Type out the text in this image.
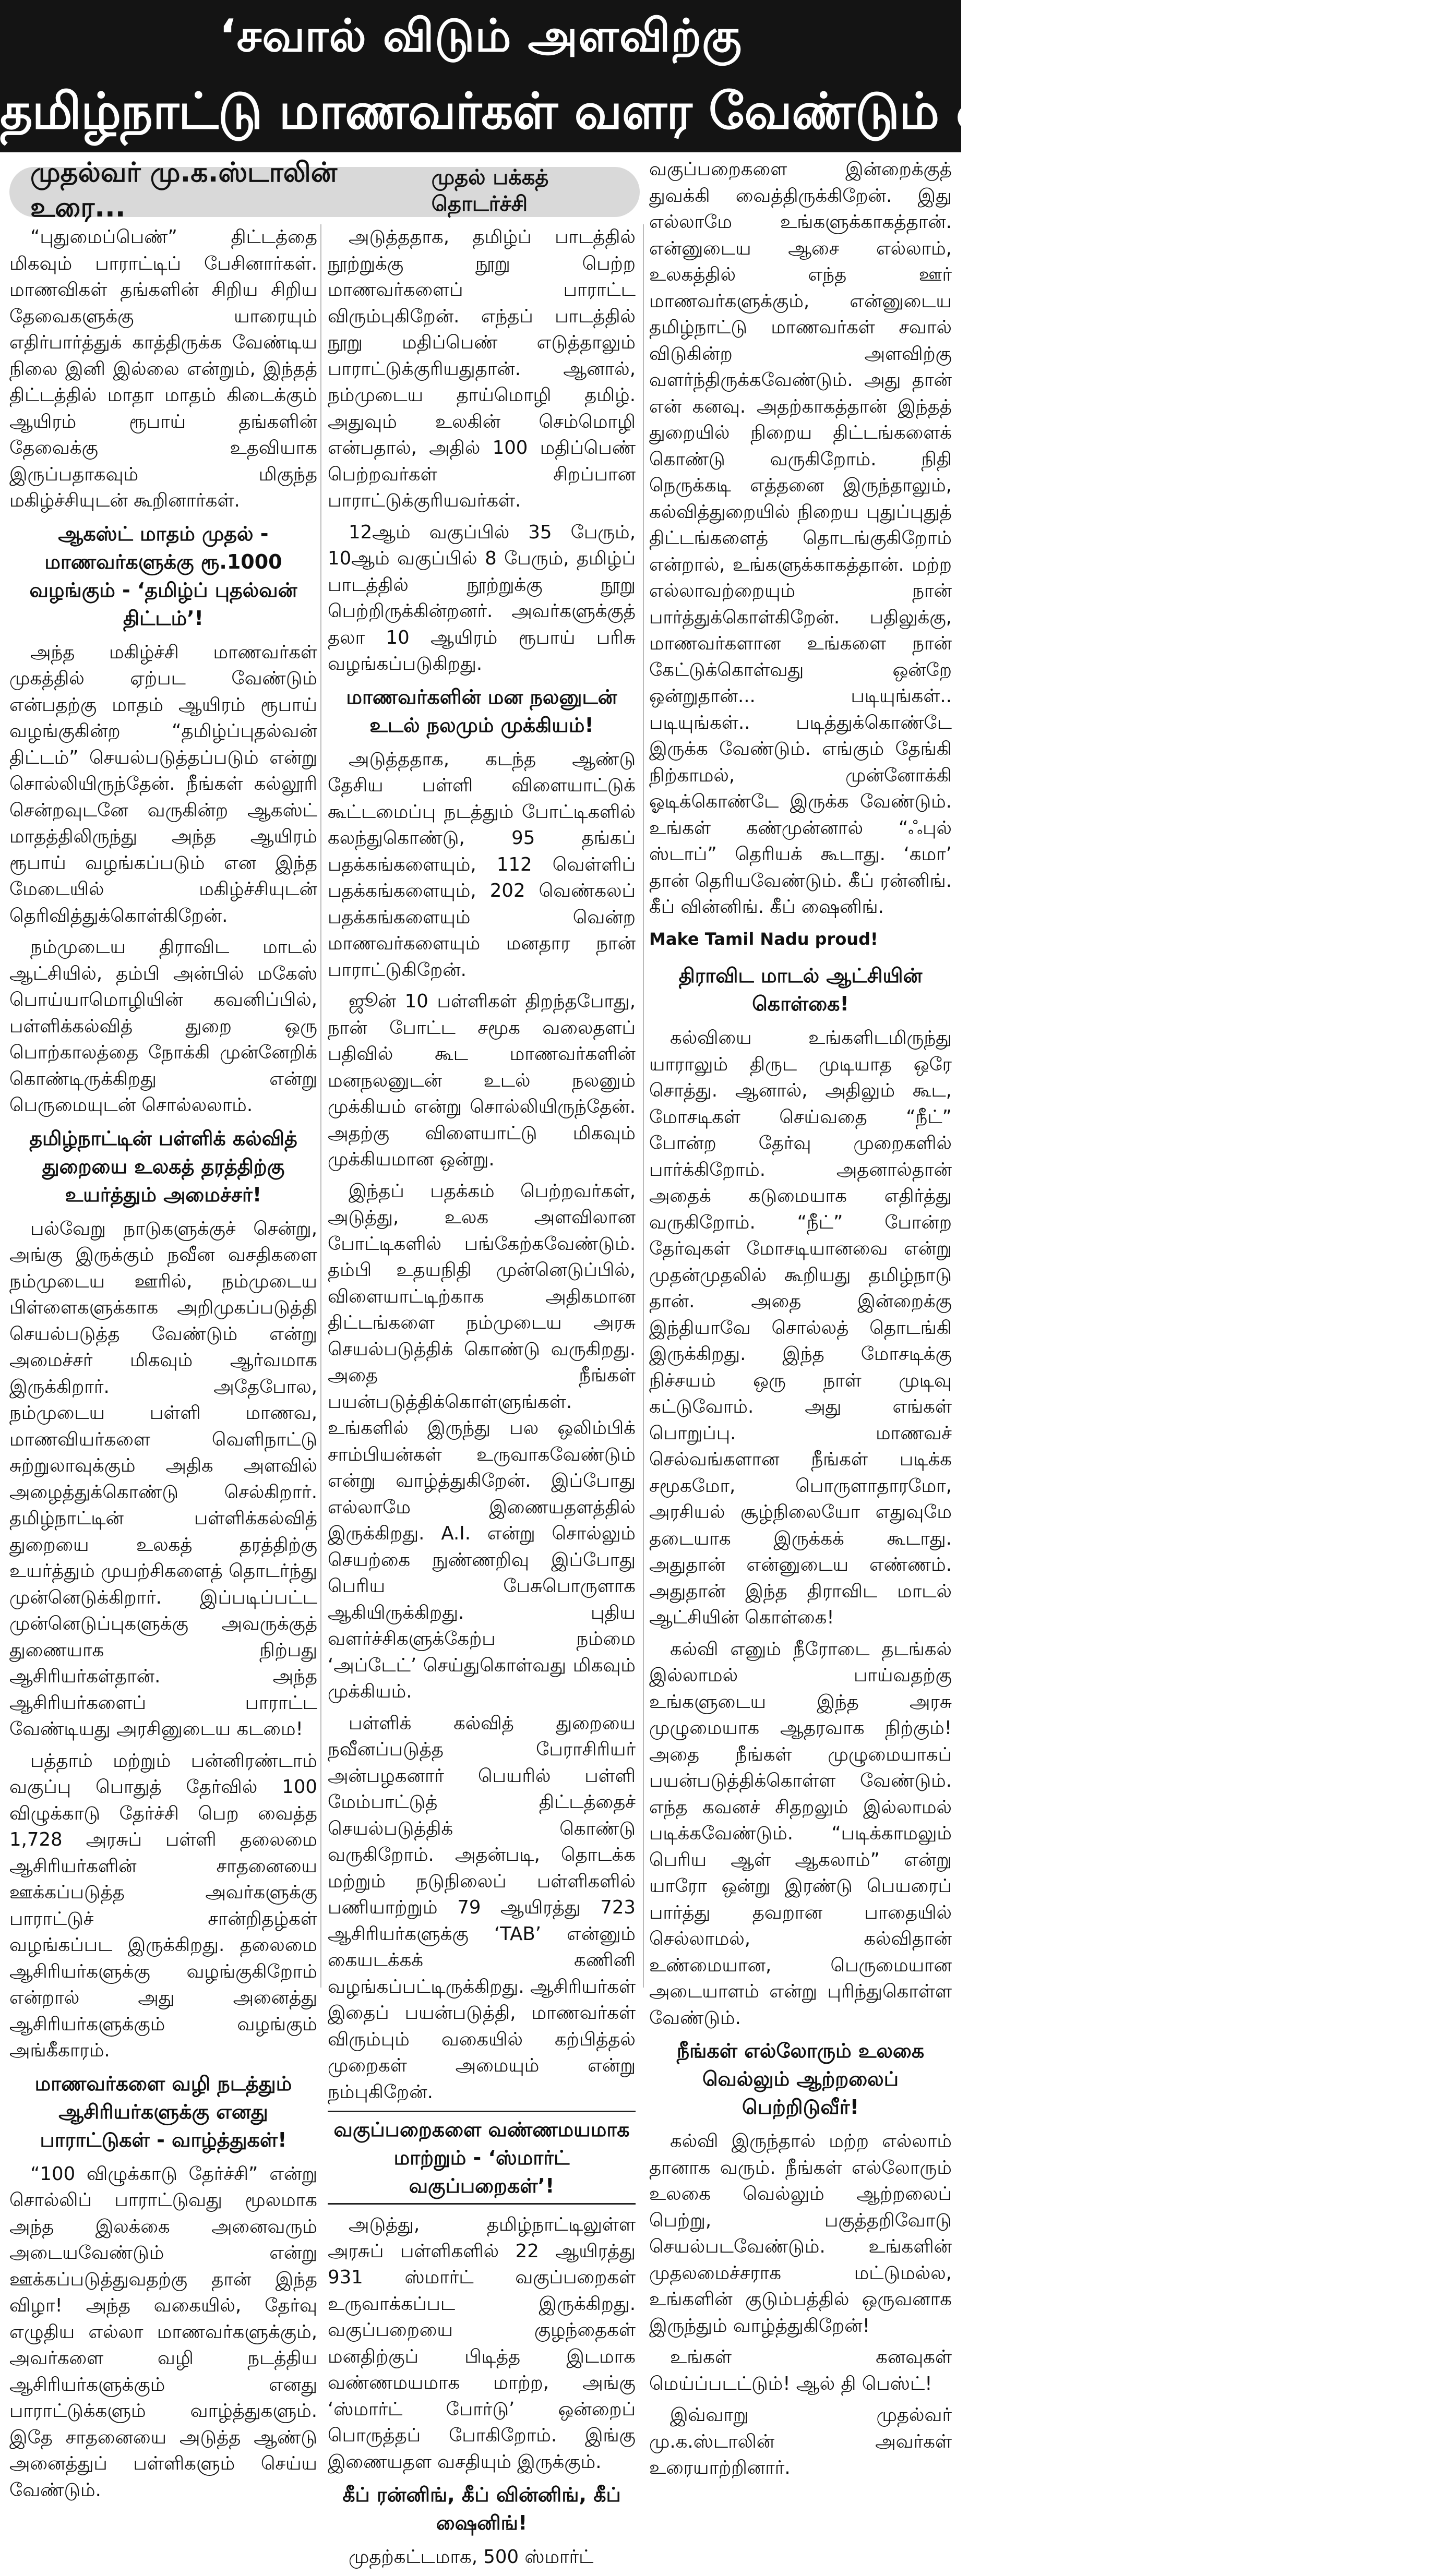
‘சவால் விடும் அளவிற்கு
தமிழ்நாட்டு மாணவர்கள் வளர வேண்டும் என்பதே என் கனவு’!
முதல்வர் மு.க.ஸ்டாலின் உரை...
முதல் பக்கத் தொடர்ச்சி

“புதுமைப்பெண்” திட்டத்தை மிகவும் பாராட்டிப் பேசினார்கள். மாணவிகள் தங்களின் சிறிய சிறிய தேவைகளுக்கு யாரையும் எதிர்பார்த்துக் காத்திருக்க வேண்டிய நிலை இனி இல்லை என்றும், இந்தத் திட்டத்தில் மாதா மாதம் கிடைக்கும் ஆயிரம் ரூபாய் தங்களின் தேவைக்கு உதவியாக இருப்பதாகவும் மிகுந்த மகிழ்ச்சியுடன் கூறினார்கள்.

ஆகஸ்ட் மாதம் முதல் - மாணவர்களுக்கு ரூ.1000 வழங்கும் - ‘தமிழ்ப் புதல்வன் திட்டம்’!

அந்த மகிழ்ச்சி மாணவர்கள் முகத்தில் ஏற்பட வேண்டும் என்பதற்கு மாதம் ஆயிரம் ரூபாய் வழங்குகின்ற “தமிழ்ப்புதல்வன் திட்டம்” செயல்படுத்தப்படும் என்று சொல்லியிருந்தேன். நீங்கள் கல்லூரி சென்றவுடனே வருகின்ற ஆகஸ்ட் மாதத்திலிருந்து அந்த ஆயிரம் ரூபாய் வழங்கப்படும் என இந்த மேடையில் மகிழ்ச்சியுடன் தெரிவித்துக்கொள்கிறேன்.

நம்முடைய திராவிட மாடல் ஆட்சியில், தம்பி அன்பில் மகேஸ் பொய்யாமொழியின் கவனிப்பில், பள்ளிக்கல்வித் துறை ஒரு பொற்காலத்தை நோக்கி முன்னேறிக் கொண்டிருக்கிறது என்று பெருமையுடன் சொல்லலாம்.

தமிழ்நாட்டின் பள்ளிக் கல்வித் துறையை உலகத் தரத்திற்கு உயர்த்தும் அமைச்சர்!

பல்வேறு நாடுகளுக்குச் சென்று, அங்கு இருக்கும் நவீன வசதிகளை நம்முடைய ஊரில், நம்முடைய பிள்ளைகளுக்காக அறிமுகப்படுத்தி செயல்படுத்த வேண்டும் என்று அமைச்சர் மிகவும் ஆர்வமாக இருக்கிறார். அதேபோல, நம்முடைய பள்ளி மாணவ, மாணவியர்களை வெளிநாட்டு சுற்றுலாவுக்கும் அதிக அளவில் அழைத்துக்கொண்டு செல்கிறார். தமிழ்நாட்டின் பள்ளிக்கல்வித் துறையை உலகத் தரத்திற்கு உயர்த்தும் முயற்சிகளைத் தொடர்ந்து முன்னெடுக்கிறார். இப்படிப்பட்ட முன்னெடுப்புகளுக்கு அவருக்குத் துணையாக நிற்பது ஆசிரியர்கள்தான். அந்த ஆசிரியர்களைப் பாராட்ட வேண்டியது அரசினுடைய கடமை!

பத்தாம் மற்றும் பன்னிரண்டாம் வகுப்பு பொதுத் தேர்வில் 100 விழுக்காடு தேர்ச்சி பெற வைத்த 1,728 அரசுப் பள்ளி தலைமை ஆசிரியர்களின் சாதனையை ஊக்கப்படுத்த அவர்களுக்கு பாராட்டுச் சான்றிதழ்கள் வழங்கப்பட இருக்கிறது. தலைமை ஆசிரியர்களுக்கு வழங்குகிறோம் என்றால் அது அனைத்து ஆசிரியர்களுக்கும் வழங்கும் அங்கீகாரம்.

மாணவர்களை வழி நடத்தும் ஆசிரியர்களுக்கு எனது பாராட்டுகள் - வாழ்த்துகள்!

“100 விழுக்காடு தேர்ச்சி” என்று சொல்லிப் பாராட்டுவது மூலமாக அந்த இலக்கை அனைவரும் அடையவேண்டும் என்று ஊக்கப்படுத்துவதற்கு தான் இந்த விழா! அந்த வகையில், தேர்வு எழுதிய எல்லா மாணவர்களுக்கும், அவர்களை வழி நடத்திய ஆசிரியர்களுக்கும் எனது பாராட்டுக்களும் வாழ்த்துகளும். இதே சாதனையை அடுத்த ஆண்டு அனைத்துப் பள்ளிகளும் செய்ய வேண்டும்.

அடுத்ததாக, தமிழ்ப் பாடத்தில் நூற்றுக்கு நூறு பெற்ற மாணவர்களைப் பாராட்ட விரும்புகிறேன். எந்தப் பாடத்தில் நூறு மதிப்பெண் எடுத்தாலும் பாராட்டுக்குரியதுதான். ஆனால், நம்முடைய தாய்மொழி தமிழ். அதுவும் உலகின் செம்மொழி என்பதால், அதில் 100 மதிப்பெண் பெற்றவர்கள் சிறப்பான பாராட்டுக்குரியவர்கள்.

12ஆம் வகுப்பில் 35 பேரும், 10ஆம் வகுப்பில் 8 பேரும், தமிழ்ப் பாடத்தில் நூற்றுக்கு நூறு பெற்றிருக்கின்றனர். அவர்களுக்குத் தலா 10 ஆயிரம் ரூபாய் பரிசு வழங்கப்படுகிறது.

மாணவர்களின் மன நலனுடன் உடல் நலமும் முக்கியம்!

அடுத்ததாக, கடந்த ஆண்டு தேசிய பள்ளி விளையாட்டுக் கூட்டமைப்பு நடத்தும் போட்டிகளில் கலந்துகொண்டு, 95 தங்கப் பதக்கங்களையும், 112 வெள்ளிப் பதக்கங்களையும், 202 வெண்கலப் பதக்கங்களையும் வென்ற மாணவர்களையும் மனதார நான் பாராட்டுகிறேன்.

ஜூன் 10 பள்ளிகள் திறந்தபோது, நான் போட்ட சமூக வலைதளப் பதிவில் கூட மாணவர்களின் மனநலனுடன் உடல் நலனும் முக்கியம் என்று சொல்லியிருந்தேன். அதற்கு விளையாட்டு மிகவும் முக்கியமான ஒன்று.

இந்தப் பதக்கம் பெற்றவர்கள், அடுத்து, உலக அளவிலான போட்டிகளில் பங்கேற்கவேண்டும். தம்பி உதயநிதி முன்னெடுப்பில், விளையாட்டிற்காக அதிகமான திட்டங்களை நம்முடைய அரசு செயல்படுத்திக் கொண்டு வருகிறது. அதை நீங்கள் பயன்படுத்திக்கொள்ளுங்கள். உங்களில் இருந்து பல ஒலிம்பிக் சாம்பியன்கள் உருவாகவேண்டும் என்று வாழ்த்துகிறேன். இப்போது எல்லாமே இணையதளத்தில் இருக்கிறது. A.I. என்று சொல்லும் செயற்கை நுண்ணறிவு இப்போது பெரிய பேசுபொருளாக ஆகியிருக்கிறது. புதிய வளர்ச்சிகளுக்கேற்ப நம்மை ‘அப்டேட்’ செய்துகொள்வது மிகவும் முக்கியம்.

பள்ளிக் கல்வித் துறையை நவீனப்படுத்த பேராசிரியர் அன்பழகனார் பெயரில் பள்ளி மேம்பாட்டுத் திட்டத்தைச் செயல்படுத்திக் கொண்டு வருகிறோம். அதன்படி, தொடக்க மற்றும் நடுநிலைப் பள்ளிகளில் பணியாற்றும் 79 ஆயிரத்து 723 ஆசிரியர்களுக்கு ‘TAB’ என்னும் கையடக்கக் கணினி வழங்கப்பட்டிருக்கிறது. ஆசிரியர்கள் இதைப் பயன்படுத்தி, மாணவர்கள் விரும்பும் வகையில் கற்பித்தல் முறைகள் அமையும் என்று நம்புகிறேன்.

வகுப்பறைகளை வண்ணமயமாக மாற்றும் - ‘ஸ்மார்ட் வகுப்பறைகள்’!

அடுத்து, தமிழ்நாட்டிலுள்ள அரசுப் பள்ளிகளில் 22 ஆயிரத்து 931 ஸ்மார்ட் வகுப்பறைகள் உருவாக்கப்பட இருக்கிறது. வகுப்பறையை குழந்தைகள் மனதிற்குப் பிடித்த இடமாக வண்ணமயமாக மாற்ற, அங்கு ‘ஸ்மார்ட் போர்டு’ ஒன்றைப் பொருத்தப் போகிறோம். இங்கு இணையதள வசதியும் இருக்கும்.

கீப் ரன்னிங், கீப் வின்னிங், கீப் ஷைனிங்!

முதற்கட்டமாக, 500 ஸ்மார்ட்

வகுப்பறைகளை இன்றைக்குத் துவக்கி வைத்திருக்கிறேன். இது எல்லாமே உங்களுக்காகத்தான். என்னுடைய ஆசை எல்லாம், உலகத்தில் எந்த ஊர் மாணவர்களுக்கும், என்னுடைய தமிழ்நாட்டு மாணவர்கள் சவால் விடுகின்ற அளவிற்கு வளர்ந்திருக்கவேண்டும். அது தான் என் கனவு. அதற்காகத்தான் இந்தத் துறையில் நிறைய திட்டங்களைக் கொண்டு வருகிறோம். நிதி நெருக்கடி எத்தனை இருந்தாலும், கல்வித்துறையில் நிறைய புதுப்புதுத் திட்டங்களைத் தொடங்குகிறோம் என்றால், உங்களுக்காகத்தான். மற்ற எல்லாவற்றையும் நான் பார்த்துக்கொள்கிறேன். பதிலுக்கு, மாணவர்களான உங்களை நான் கேட்டுக்கொள்வது ஒன்றே ஒன்றுதான்... படியுங்கள்.. படியுங்கள்.. படித்துக்கொண்டே இருக்க வேண்டும். எங்கும் தேங்கி நிற்காமல், முன்னோக்கி ஓடிக்கொண்டே இருக்க வேண்டும். உங்கள் கண்முன்னால் “ஃபுல் ஸ்டாப்” தெரியக் கூடாது. ‘கமா’ தான் தெரியவேண்டும். கீப் ரன்னிங். கீப் வின்னிங். கீப் ஷைனிங்.

Make Tamil Nadu proud!

திராவிட மாடல் ஆட்சியின் கொள்கை!

கல்வியை உங்களிடமிருந்து யாராலும் திருட முடியாத ஒரே சொத்து. ஆனால், அதிலும் கூட, மோசடிகள் செய்வதை “நீட்” போன்ற தேர்வு முறைகளில் பார்க்கிறோம். அதனால்தான் அதைக் கடுமையாக எதிர்த்து வருகிறோம். “நீட்” போன்ற தேர்வுகள் மோசடியானவை என்று முதன்முதலில் கூறியது தமிழ்நாடு தான். அதை இன்றைக்கு இந்தியாவே சொல்லத் தொடங்கி இருக்கிறது. இந்த மோசடிக்கு நிச்சயம் ஒரு நாள் முடிவு கட்டுவோம். அது எங்கள் பொறுப்பு. மாணவச் செல்வங்களான நீங்கள் படிக்க சமூகமோ, பொருளாதாரமோ, அரசியல் சூழ்நிலையோ எதுவுமே தடையாக இருக்கக் கூடாது. அதுதான் என்னுடைய எண்ணம். அதுதான் இந்த திராவிட மாடல் ஆட்சியின் கொள்கை!

கல்வி எனும் நீரோடை தடங்கல் இல்லாமல் பாய்வதற்கு உங்களுடைய இந்த அரசு முழுமையாக ஆதரவாக நிற்கும்! அதை நீங்கள் முழுமையாகப் பயன்படுத்திக்கொள்ள வேண்டும். எந்த கவனச் சிதறலும் இல்லாமல் படிக்கவேண்டும். “படிக்காமலும் பெரிய ஆள் ஆகலாம்” என்று யாரோ ஒன்று இரண்டு பெயரைப் பார்த்து தவறான பாதையில் செல்லாமல், கல்விதான் உண்மையான, பெருமையான அடையாளம் என்று புரிந்துகொள்ள வேண்டும்.

நீங்கள் எல்லோரும் உலகை வெல்லும் ஆற்றலைப் பெற்றிடுவீர்!

கல்வி இருந்தால் மற்ற எல்லாம் தானாக வரும். நீங்கள் எல்லோரும் உலகை வெல்லும் ஆற்றலைப் பெற்று, பகுத்தறிவோடு செயல்படவேண்டும். உங்களின் முதலமைச்சராக மட்டுமல்ல, உங்களின் குடும்பத்தில் ஒருவனாக இருந்தும் வாழ்த்துகிறேன்!

உங்கள் கனவுகள் மெய்ப்படட்டும்! ஆல் தி பெஸ்ட்!

இவ்வாறு முதல்வர் மு.க.ஸ்டாலின் அவர்கள் உரையாற்றினார்.
